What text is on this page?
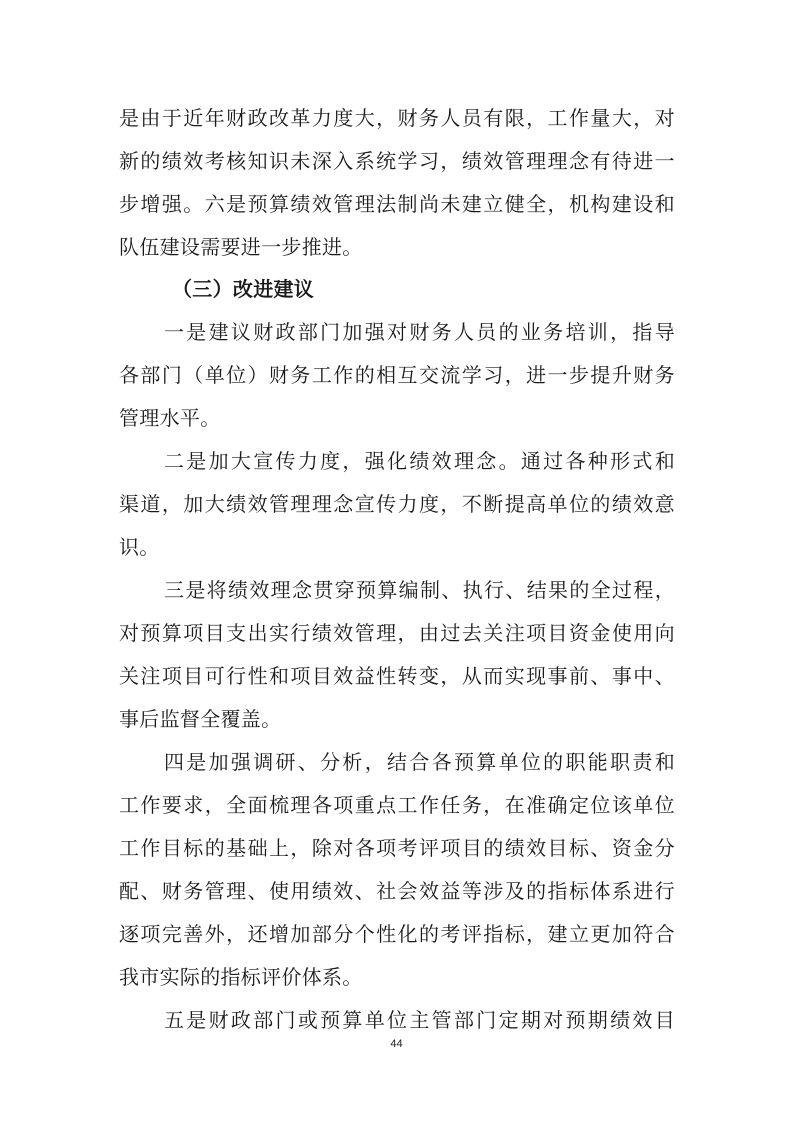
是由于近年财政改革力度大，财务人员有限，工作量大，对
新的绩效考核知识未深入系统学习，绩效管理理念有待进一
步增强。六是预算绩效管理法制尚未建立健全，机构建设和
队伍建设需要进一步推进。
（三）改进建议
一是建议财政部门加强对财务人员的业务培训，指导
各部门（单位）财务工作的相互交流学习，进一步提升财务
管理水平。
二是加大宣传力度，强化绩效理念。通过各种形式和
渠道，加大绩效管理理念宣传力度，不断提高单位的绩效意
识。
三是将绩效理念贯穿预算编制、执行、结果的全过程，
对预算项目支出实行绩效管理，由过去关注项目资金使用向
关注项目可行性和项目效益性转变，从而实现事前、事中、
事后监督全覆盖。
四是加强调研、分析，结合各预算单位的职能职责和
工作要求，全面梳理各项重点工作任务，在准确定位该单位
工作目标的基础上，除对各项考评项目的绩效目标、资金分
配、财务管理、使用绩效、社会效益等涉及的指标体系进行
逐项完善外，还增加部分个性化的考评指标，建立更加符合
我市实际的指标评价体系。
五是财政部门或预算单位主管部门定期对预期绩效目
44
